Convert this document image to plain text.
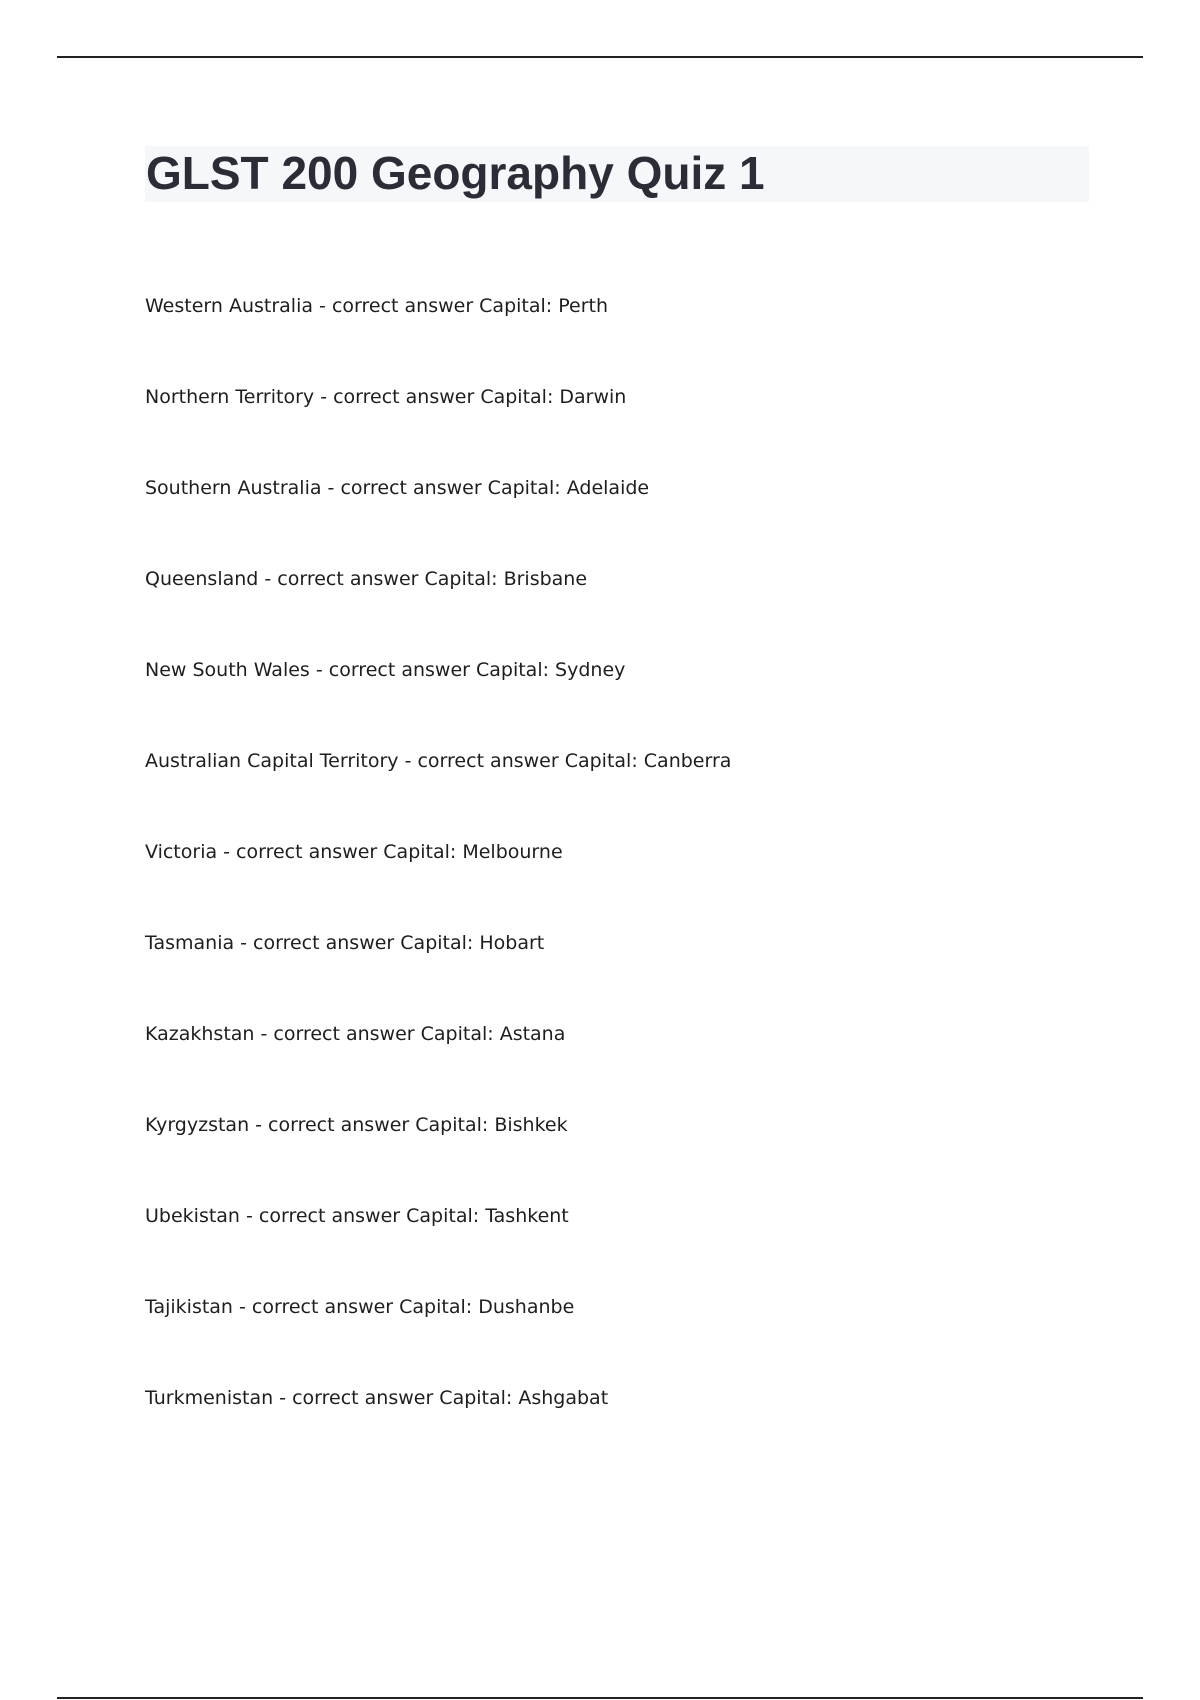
GLST 200 Geography Quiz 1
Western Australia - correct answer Capital: Perth
Northern Territory - correct answer Capital: Darwin
Southern Australia - correct answer Capital: Adelaide
Queensland - correct answer Capital: Brisbane
New South Wales - correct answer Capital: Sydney
Australian Capital Territory - correct answer Capital: Canberra
Victoria - correct answer Capital: Melbourne
Tasmania - correct answer Capital: Hobart
Kazakhstan - correct answer Capital: Astana
Kyrgyzstan - correct answer Capital: Bishkek
Ubekistan - correct answer Capital: Tashkent
Tajikistan - correct answer Capital: Dushanbe
Turkmenistan - correct answer Capital: Ashgabat
